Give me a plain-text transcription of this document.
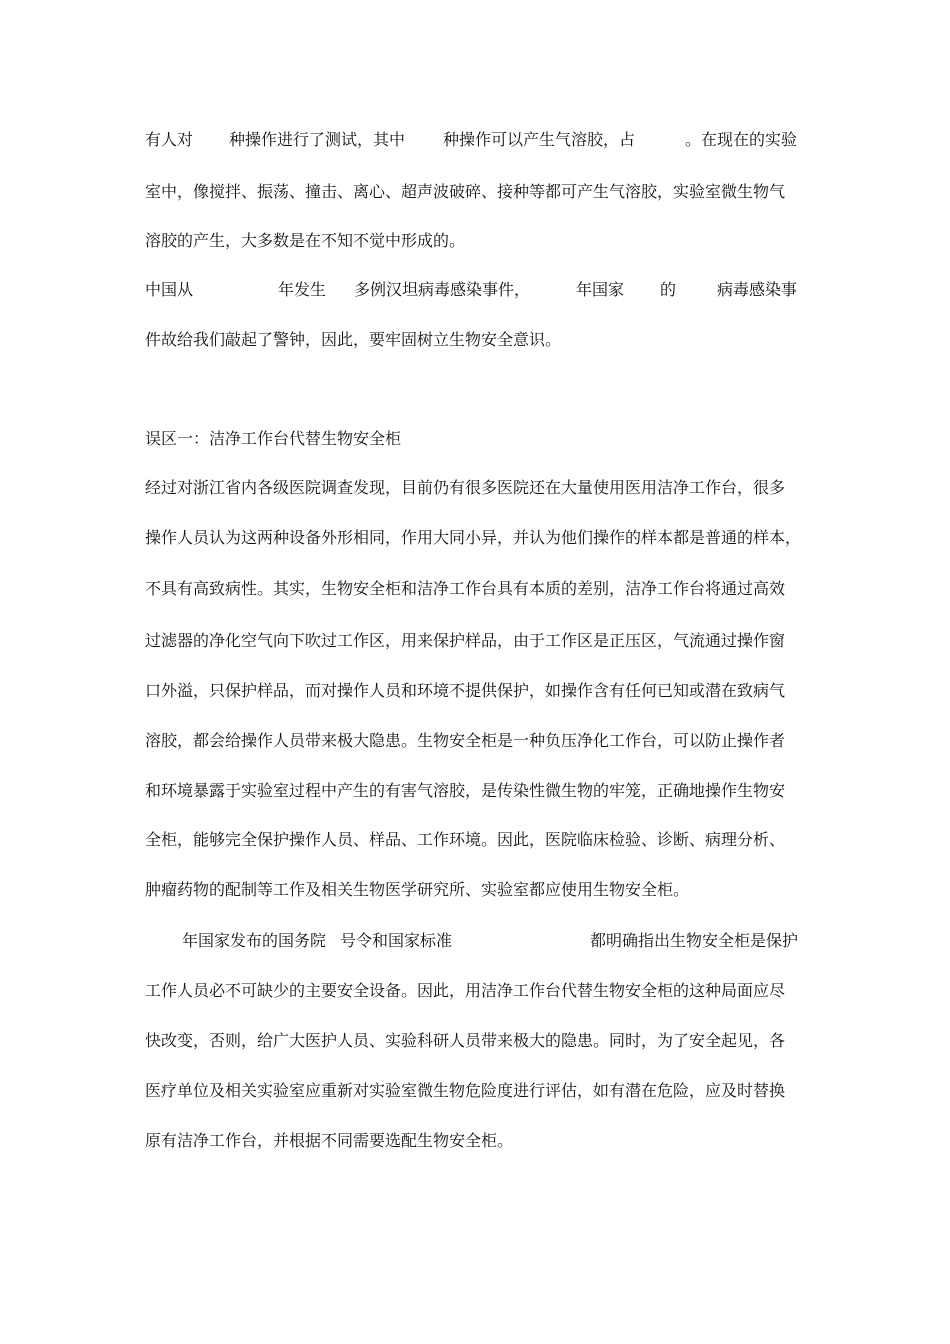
有人对 种操作进行了测试，其中 种操作可以产生气溶胶，占	。在现在的实验
室中，像搅拌、振荡、撞击、离心、超声波破碎、接种等都可产生气溶胶，实验室微生物气
溶胶的产生，大多数是在不知不觉中形成的。
中国从	年发生 多例汉坦病毒感染事件，	年国家 的	病毒感染事
件故给我们敲起了警钟，因此，要牢固树立生物安全意识。
误区一：洁净工作台代替生物安全柜
经过对浙江省内各级医院调查发现，目前仍有很多医院还在大量使用医用洁净工作台，很多
操作人员认为这两种设备外形相同，作用大同小异，并认为他们操作的样本都是普通的样本，
不具有高致病性。其实，生物安全柜和洁净工作台具有本质的差别，洁净工作台将通过高效
过滤器的净化空气向下吹过工作区，用来保护样品，由于工作区是正压区，气流通过操作窗
口外溢，只保护样品，而对操作人员和环境不提供保护，如操作含有任何已知或潜在致病气
溶胶，都会给操作人员带来极大隐患。生物安全柜是一种负压净化工作台，可以防止操作者
和环境暴露于实验室过程中产生的有害气溶胶，是传染性微生物的牢笼，正确地操作生物安
全柜，能够完全保护操作人员、样品、工作环境。因此，医院临床检验、诊断、病理分析、
肿瘤药物的配制等工作及相关生物医学研究所、实验室都应使用生物安全柜。
年国家发布的国务院 号令和国家标准	都明确指出生物安全柜是保护
工作人员必不可缺少的主要安全设备。因此，用洁净工作台代替生物安全柜的这种局面应尽
快改变，否则，给广大医护人员、实验科研人员带来极大的隐患。同时，为了安全起见，各
医疗单位及相关实验室应重新对实验室微生物危险度进行评估，如有潜在危险，应及时替换
原有洁净工作台，并根据不同需要选配生物安全柜。
